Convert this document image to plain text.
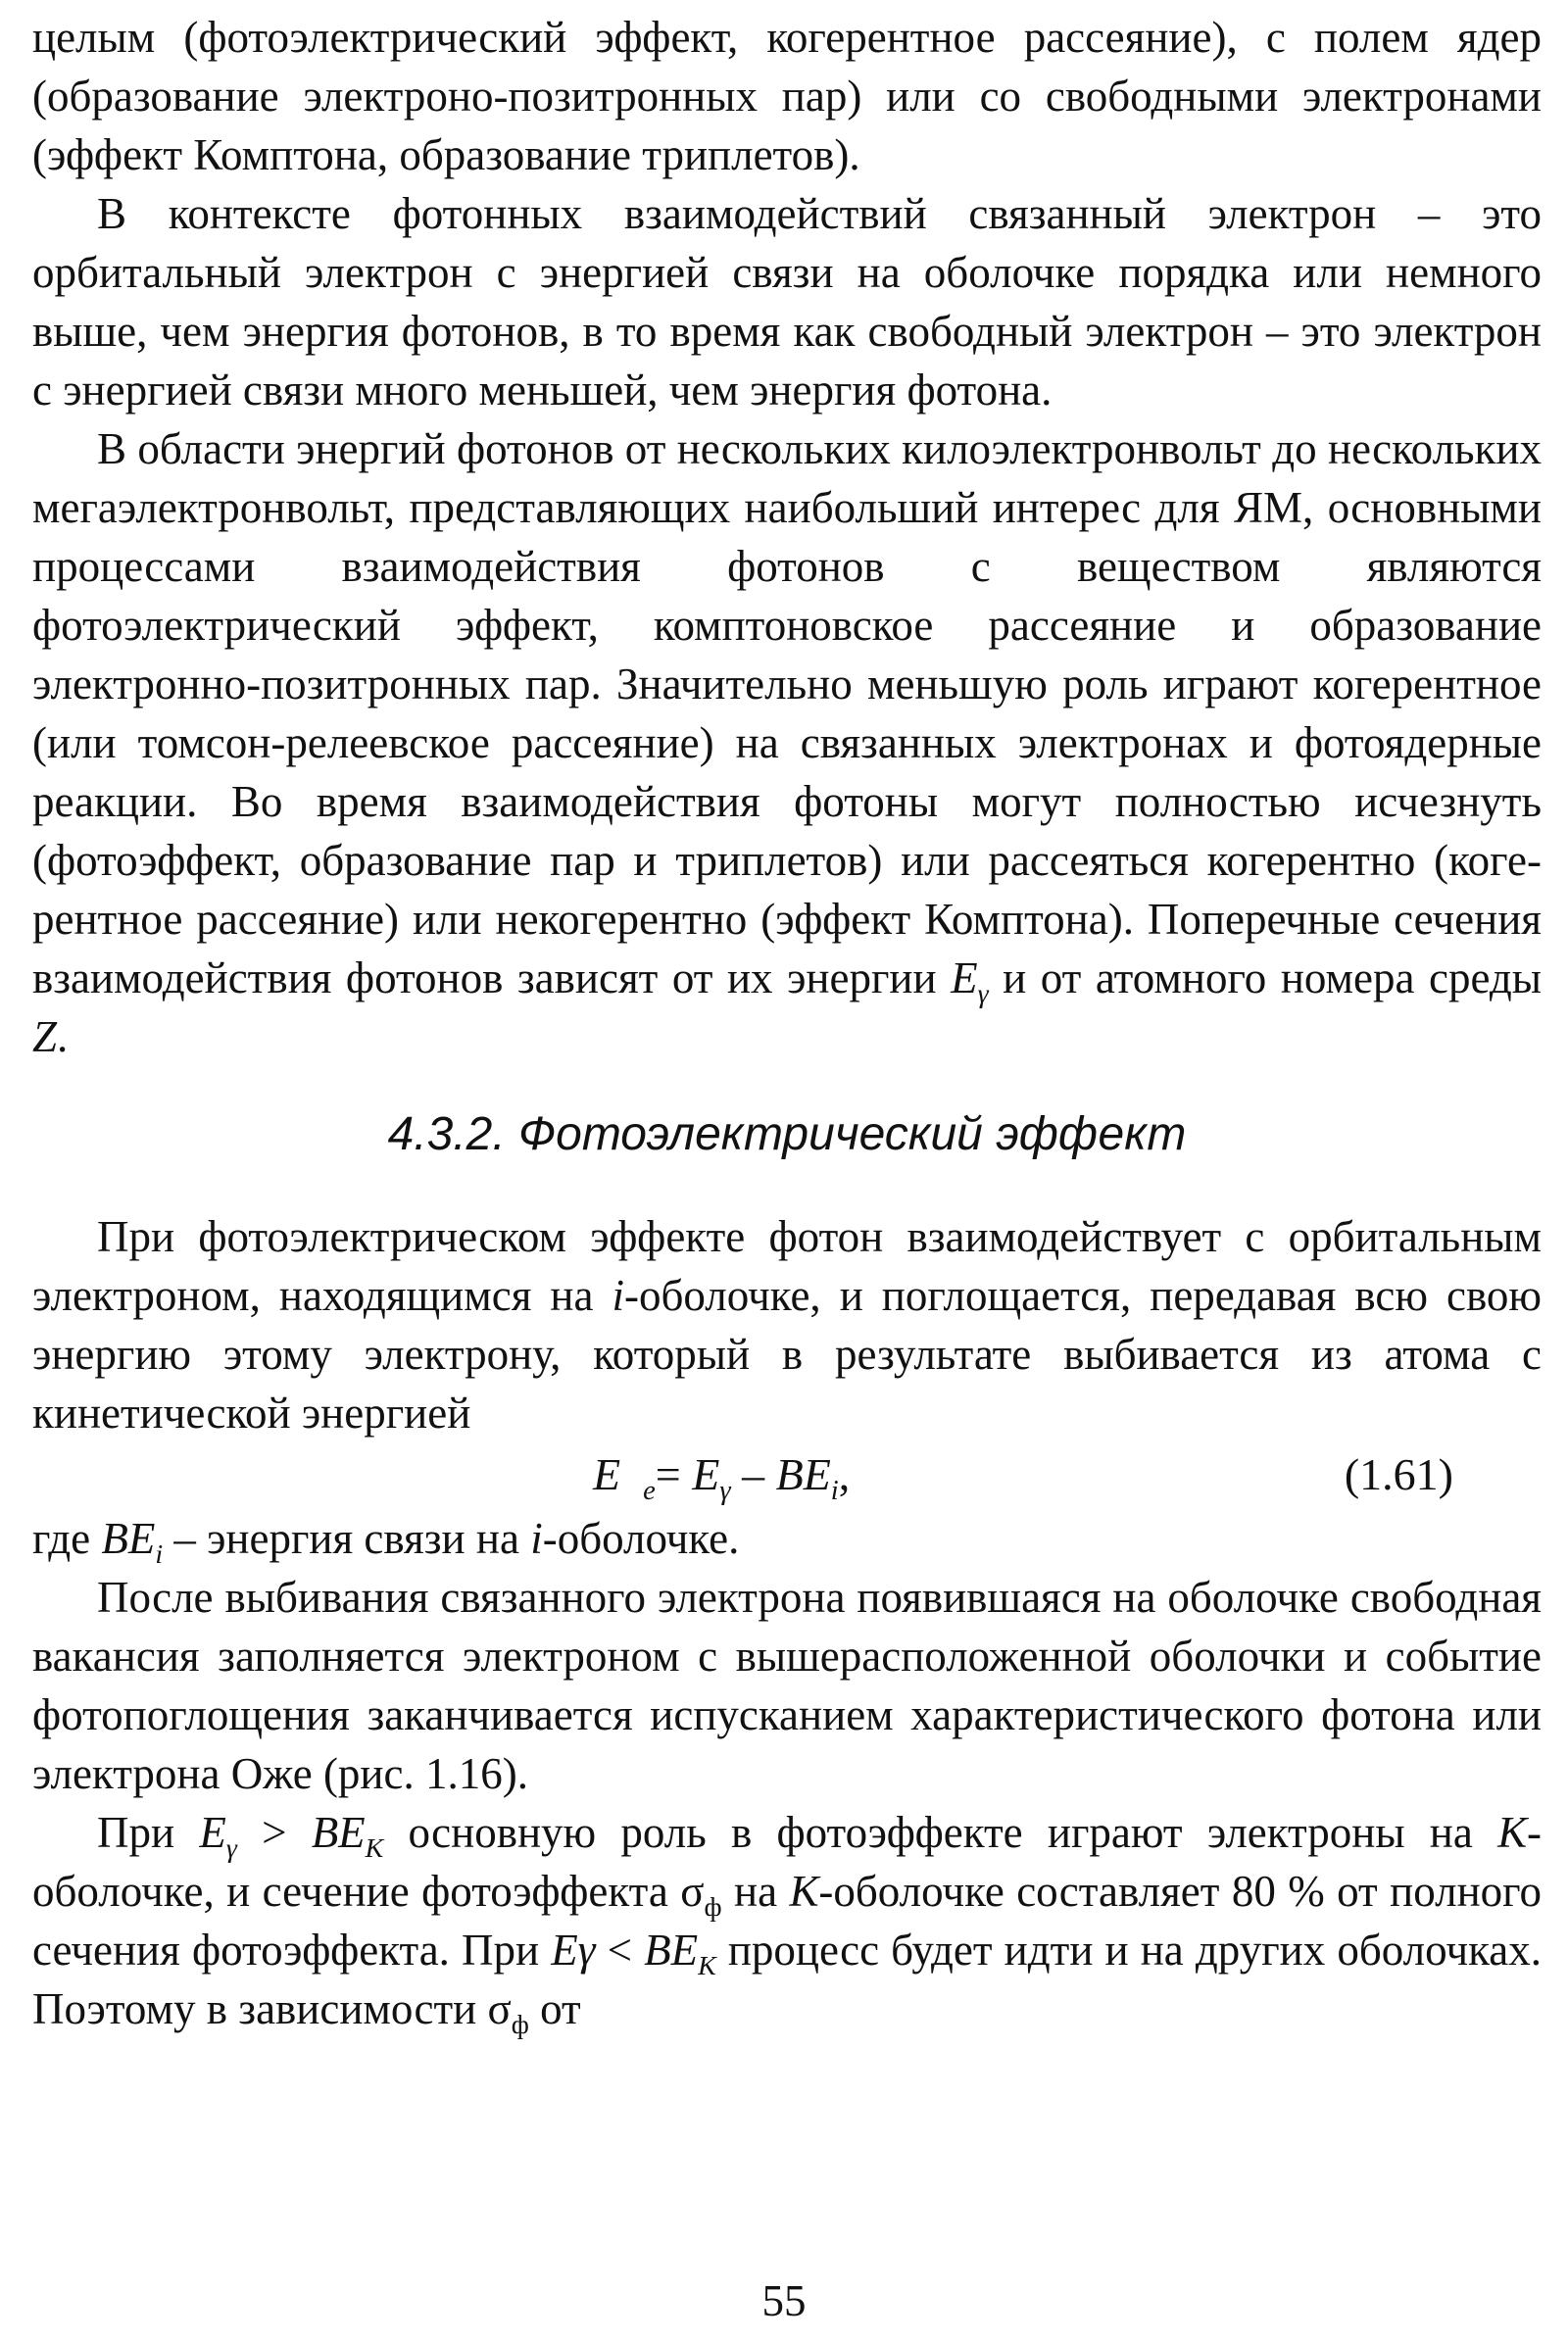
целым (фотоэлектрический эффект, когерентное рассеяние), с полем ядер (образование электроно-позитронных пар) или со свободными электронами (эффект Комптона, образование триплетов).

В контексте фотонных взаимодействий связанный электрон – это орбитальный электрон с энергией связи на оболочке порядка или немного выше, чем энергия фотонов, в то время как свободный электрон – это электрон с энергией связи много меньшей, чем энергия фотона.

В области энергий фотонов от нескольких килоэлектронвольт до нескольких мегаэлектронвольт, представляющих наибольший интерес для ЯМ, основными процессами взаимодействия фотонов с веществом являются фотоэлектрический эффект, комптоновское рассеяние и образование электронно-позитронных пар. Значительно меньшую роль играют когерентное (или томсон-релеевское рассеяние) на связанных электронах и фотоядерные реакции. Во время взаимодействия фотоны могут полностью исчезнуть (фотоэффект, образование пар и триплетов) или рассеяться когерентно (когерентное рассеяние) или некогерентно (эффект Комптона). Поперечные сечения взаимодействия фотонов зависят от их энергии $E_\gamma$ и от атомного номера среды Z.

4.3.2. Фотоэлектрический эффект

При фотоэлектрическом эффекте фотон взаимодействует с орбитальным электроном, находящимся на i-оболочке, и поглощается, передавая всю свою энергию этому электрону, который в результате выбивается из атома с кинетической энергией

E $_e= E_\gamma - BE_i$,	(1.61)

где $BE_i$ – энергия связи на i-оболочке.

После выбивания связанного электрона появившаяся на оболочке свободная вакансия заполняется электроном с вышерасположенной оболочки и событие фотопоглощения заканчивается испусканием характеристического фотона или электрона Оже (рис. 1.16).

При $E_\gamma > BE_K$ основную роль в фотоэффекте играют электроны на К-оболочке, и сечение фотоэффекта $\sigma_ф$ на К-оболочке составляет 80 % от полного сечения фотоэффекта. При $E\gamma < BE_K$ процесс будет идти и на других оболочках. Поэтому в зависимости $\sigma_ф$ от

55
